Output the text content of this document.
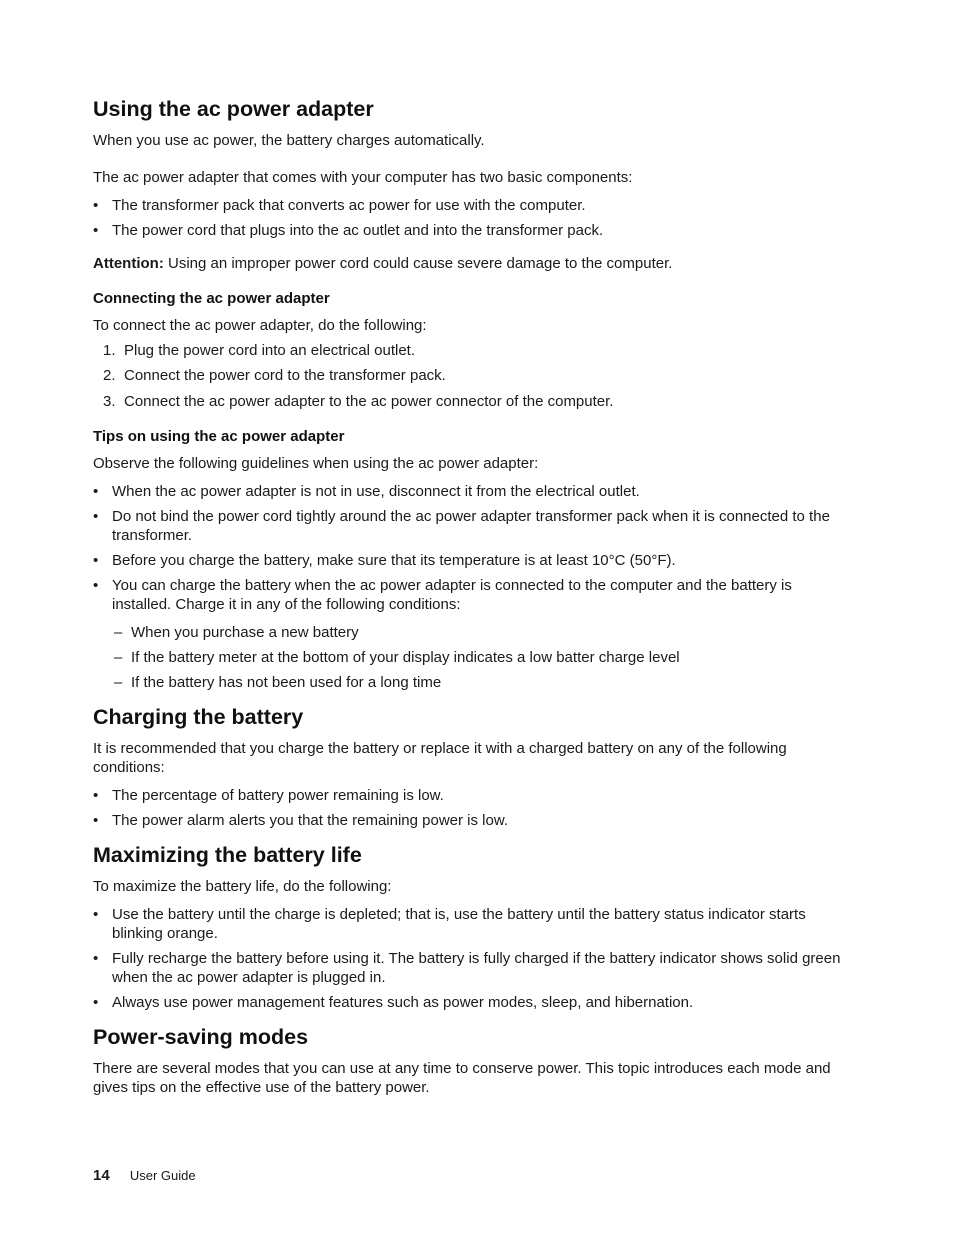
Using the ac power adapter

When you use ac power, the battery charges automatically.

The ac power adapter that comes with your computer has two basic components:

• The transformer pack that converts ac power for use with the computer.
• The power cord that plugs into the ac outlet and into the transformer pack.

Attention: Using an improper power cord could cause severe damage to the computer.

Connecting the ac power adapter

To connect the ac power adapter, do the following:

1. Plug the power cord into an electrical outlet.
2. Connect the power cord to the transformer pack.
3. Connect the ac power adapter to the ac power connector of the computer.
Tips on using the ac power adapter

Observe the following guidelines when using the ac power adapter:

• When the ac power adapter is not in use, disconnect it from the electrical outlet.
• Do not bind the power cord tightly around the ac power adapter transformer pack when it is connected to the transformer.
• Before you charge the battery, make sure that its temperature is at least 10°C (50°F).
• You can charge the battery when the ac power adapter is connected to the computer and the battery is installed. Charge it in any of the following conditions:
– When you purchase a new battery
– If the battery meter at the bottom of your display indicates a low batter charge level
– If the battery has not been used for a long time
Charging the battery

It is recommended that you charge the battery or replace it with a charged battery on any of the following conditions:

• The percentage of battery power remaining is low.
• The power alarm alerts you that the remaining power is low.
Maximizing the battery life

To maximize the battery life, do the following:

• Use the battery until the charge is depleted; that is, use the battery until the battery status indicator starts blinking orange.
• Fully recharge the battery before using it. The battery is fully charged if the battery indicator shows solid green when the ac power adapter is plugged in.
• Always use power management features such as power modes, sleep, and hibernation.
Power-saving modes

There are several modes that you can use at any time to conserve power. This topic introduces each mode and gives tips on the effective use of the battery power.

14 User Guide
